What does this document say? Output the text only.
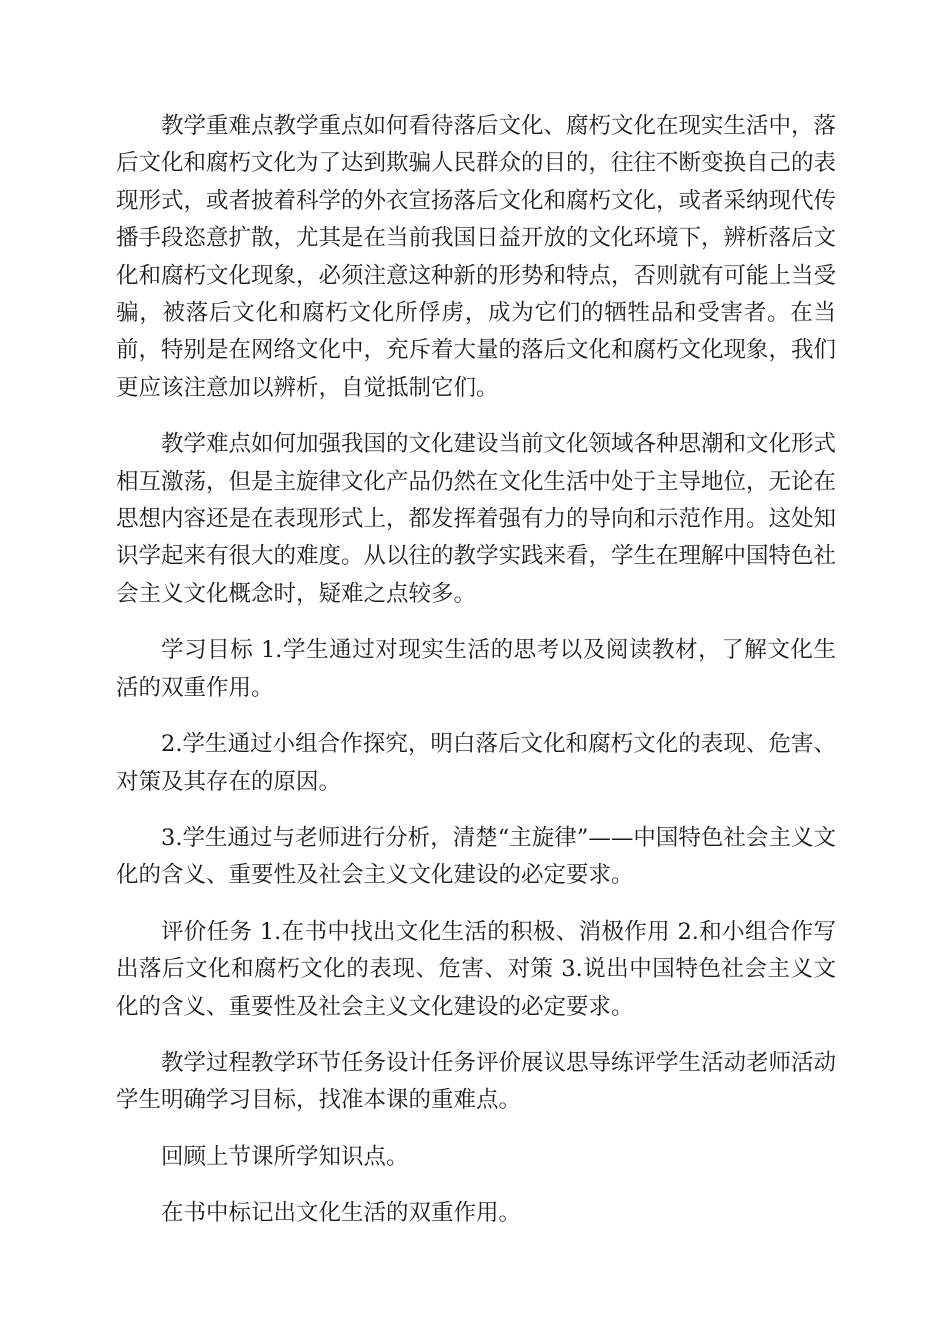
教学重难点教学重点如何看待落后文化、腐朽文化在现实生活中，落后文化和腐朽文化为了达到欺骗人民群众的目的，往往不断变换自己的表现形式，或者披着科学的外衣宣扬落后文化和腐朽文化，或者采纳现代传播手段恣意扩散，尤其是在当前我国日益开放的文化环境下，辨析落后文化和腐朽文化现象，必须注意这种新的形势和特点，否则就有可能上当受骗，被落后文化和腐朽文化所俘虏，成为它们的牺牲品和受害者。在当前，特别是在网络文化中，充斥着大量的落后文化和腐朽文化现象，我们更应该注意加以辨析，自觉抵制它们。

教学难点如何加强我国的文化建设当前文化领域各种思潮和文化形式相互激荡，但是主旋律文化产品仍然在文化生活中处于主导地位，无论在思想内容还是在表现形式上，都发挥着强有力的导向和示范作用。这处知识学起来有很大的难度。从以往的教学实践来看，学生在理解中国特色社会主义文化概念时，疑难之点较多。

学习目标 1.学生通过对现实生活的思考以及阅读教材，了解文化生活的双重作用。

2.学生通过小组合作探究，明白落后文化和腐朽文化的表现、危害、对策及其存在的原因。

3.学生通过与老师进行分析，清楚“主旋律”——中国特色社会主义文化的含义、重要性及社会主义文化建设的必定要求。

评价任务 1.在书中找出文化生活的积极、消极作用 2.和小组合作写出落后文化和腐朽文化的表现、危害、对策 3.说出中国特色社会主义文化的含义、重要性及社会主义文化建设的必定要求。

教学过程教学环节任务设计任务评价展议思导练评学生活动老师活动学生明确学习目标，找准本课的重难点。

回顾上节课所学知识点。

在书中标记出文化生活的双重作用。
